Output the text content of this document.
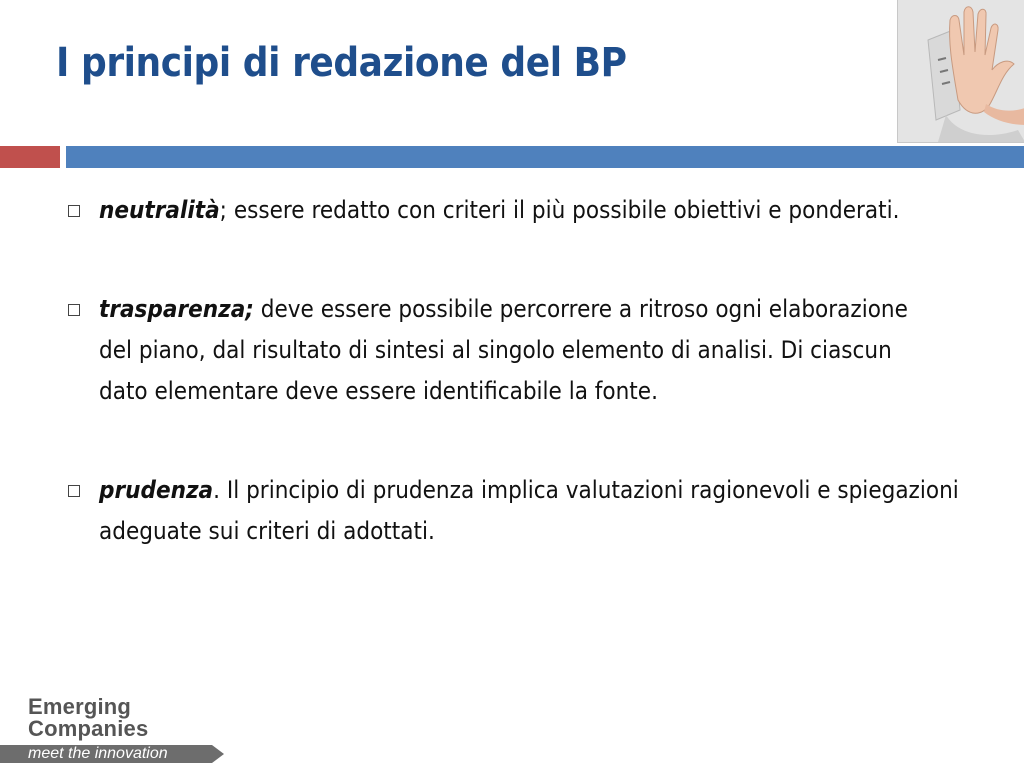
I principi di redazione del BP
neutralità; essere redatto con criteri il più possibile obiettivi e ponderati.
trasparenza; deve essere possibile percorrere a ritroso ogni elaborazione del piano, dal risultato di sintesi al singolo elemento di analisi. Di ciascun dato elementare deve essere identificabile la fonte.
prudenza. Il principio di prudenza implica valutazioni ragionevoli e spiegazioni adeguate sui criteri di adottati.
Emerging
Companies
meet the innovation
